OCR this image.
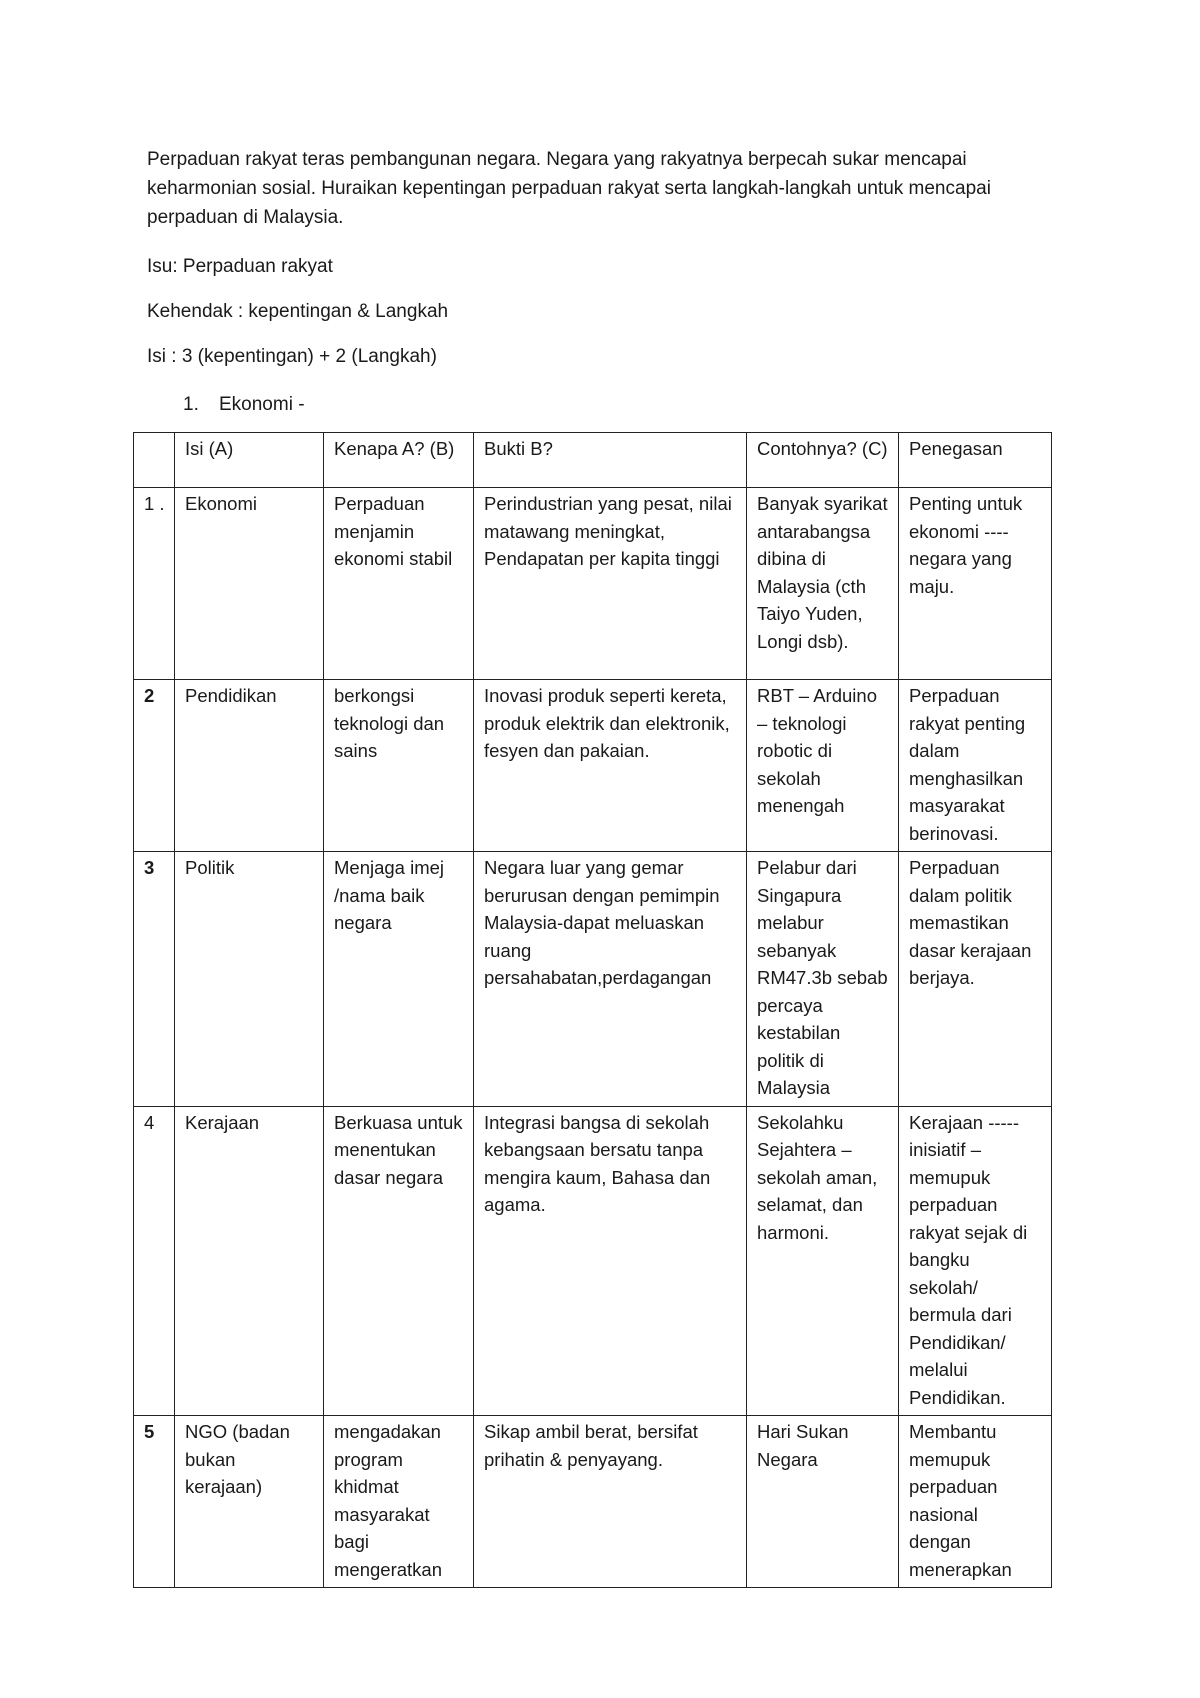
Perpaduan rakyat teras pembangunan negara. Negara yang rakyatnya berpecah sukar mencapai
keharmonian sosial. Huraikan kepentingan perpaduan rakyat serta langkah-langkah untuk mencapai
perpaduan di Malaysia.

Isu: Perpaduan rakyat

Kehendak : kepentingan & Langkah

Isi : 3 (kepentingan) + 2 (Langkah)

1. Ekonomi -
	Isi (A)	Kenapa A? (B)	Bukti B?	Contohnya? (C)	Penegasan
1 .	Ekonomi	Perpaduan menjamin ekonomi stabil	Perindustrian yang pesat, nilai matawang meningkat, Pendapatan per kapita tinggi	Banyak syarikat antarabangsa dibina di Malaysia (cth Taiyo Yuden, Longi dsb).	Penting untuk ekonomi ----negara yang maju.
2	Pendidikan	berkongsi teknologi dan sains	Inovasi produk seperti kereta, produk elektrik dan elektronik, fesyen dan pakaian.	RBT – Arduino – teknologi robotic di sekolah menengah	Perpaduan rakyat penting dalam menghasilkan masyarakat berinovasi.
3	Politik	Menjaga imej /nama baik negara	Negara luar yang gemar berurusan dengan pemimpin Malaysia-dapat meluaskan ruang persahabatan,perdagangan	Pelabur dari Singapura melabur sebanyak RM47.3b sebab percaya kestabilan politik di Malaysia	Perpaduan dalam politik memastikan dasar kerajaan berjaya.
4	Kerajaan	Berkuasa untuk menentukan dasar negara	Integrasi bangsa di sekolah kebangsaan bersatu tanpa mengira kaum, Bahasa dan agama.	Sekolahku Sejahtera – sekolah aman, selamat, dan harmoni.	Kerajaan -----inisiatif – memupuk perpaduan rakyat sejak di bangku sekolah/ bermula dari Pendidikan/ melalui Pendidikan.
5	NGO (badan bukan kerajaan)	mengadakan program khidmat masyarakat bagi mengeratkan	Sikap ambil berat, bersifat prihatin & penyayang.	Hari Sukan Negara	Membantu memupuk perpaduan nasional dengan menerapkan
